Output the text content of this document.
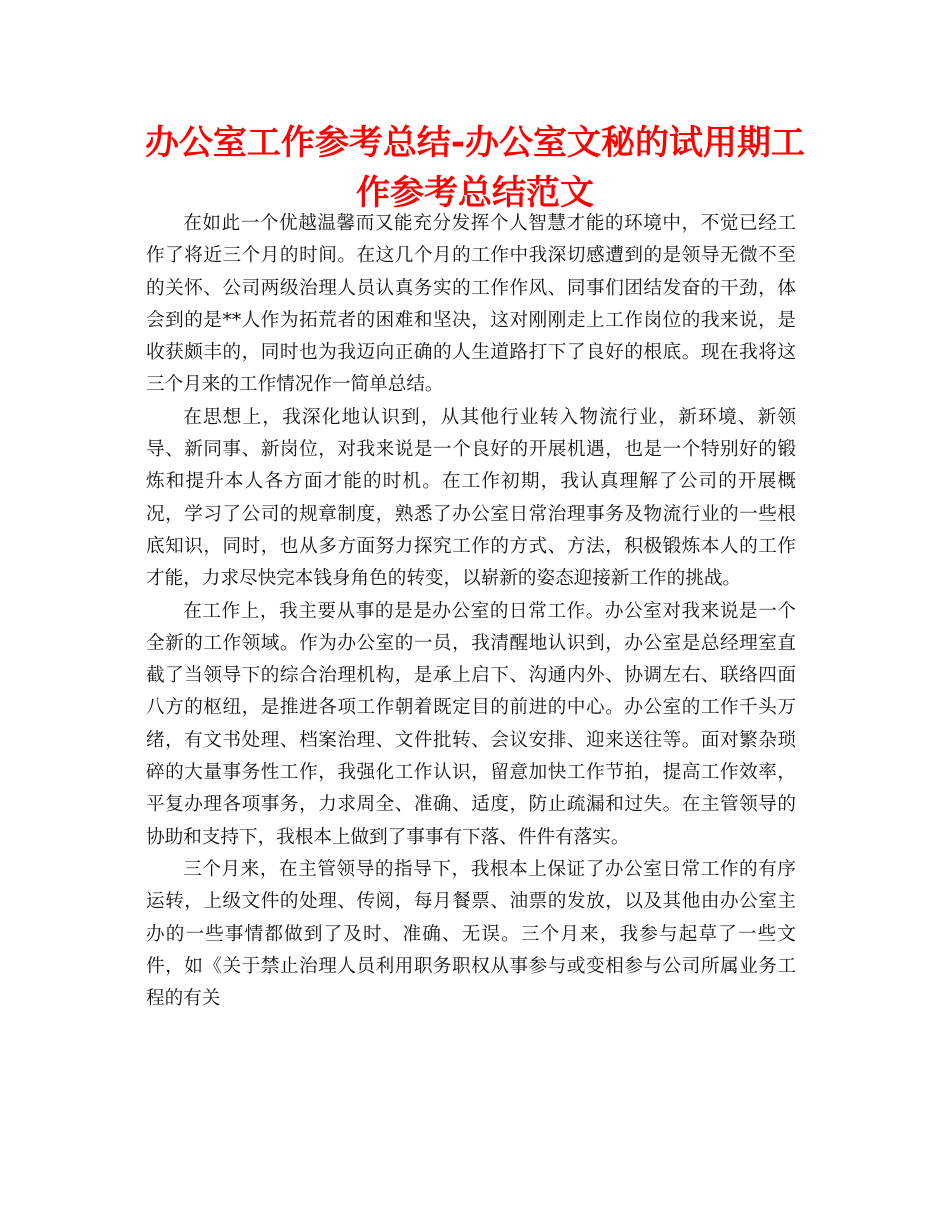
办公室工作参考总结-办公室文秘的试用期工作参考总结范文

在如此一个优越温馨而又能充分发挥个人智慧才能的环境中，不觉已经工作了将近三个月的时间。在这几个月的工作中我深切感遭到的是领导无微不至的关怀、公司两级治理人员认真务实的工作作风、同事们团结发奋的干劲，体会到的是**人作为拓荒者的困难和坚决，这对刚刚走上工作岗位的我来说，是收获颇丰的，同时也为我迈向正确的人生道路打下了良好的根底。现在我将这三个月来的工作情况作一简单总结。

在思想上，我深化地认识到，从其他行业转入物流行业，新环境、新领导、新同事、新岗位，对我来说是一个良好的开展机遇，也是一个特别好的锻炼和提升本人各方面才能的时机。在工作初期，我认真理解了公司的开展概况，学习了公司的规章制度，熟悉了办公室日常治理事务及物流行业的一些根底知识，同时，也从多方面努力探究工作的方式、方法，积极锻炼本人的工作才能，力求尽快完本钱身角色的转变，以崭新的姿态迎接新工作的挑战。

在工作上，我主要从事的是是办公室的日常工作。办公室对我来说是一个全新的工作领域。作为办公室的一员，我清醒地认识到，办公室是总经理室直截了当领导下的综合治理机构，是承上启下、沟通内外、协调左右、联络四面八方的枢纽，是推进各项工作朝着既定目的前进的中心。办公室的工作千头万绪，有文书处理、档案治理、文件批转、会议安排、迎来送往等。面对繁杂琐碎的大量事务性工作，我强化工作认识，留意加快工作节拍，提高工作效率，平复办理各项事务，力求周全、准确、适度，防止疏漏和过失。在主管领导的协助和支持下，我根本上做到了事事有下落、件件有落实。

三个月来，在主管领导的指导下，我根本上保证了办公室日常工作的有序运转，上级文件的处理、传阅，每月餐票、油票的发放，以及其他由办公室主办的一些事情都做到了及时、准确、无误。三个月来，我参与起草了一些文件，如《关于禁止治理人员利用职务职权从事参与或变相参与公司所属业务工程的有关
